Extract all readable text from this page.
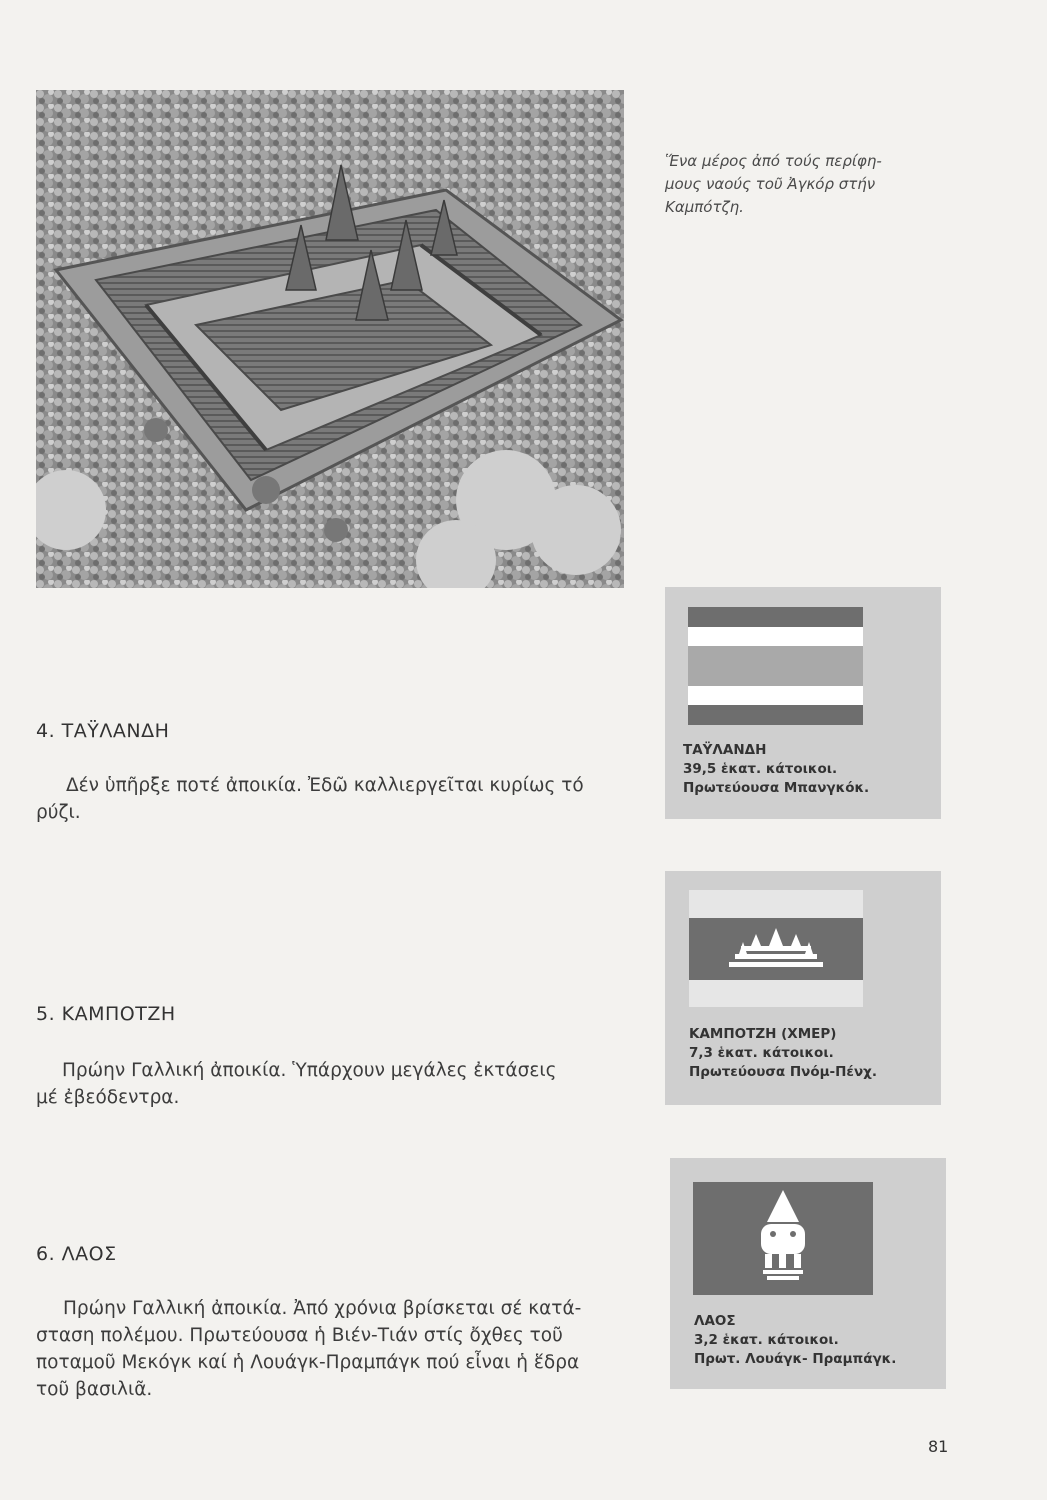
Ἕνα μέρος ἀπό τούς περίφη-
μους ναούς τοῦ Ἀγκόρ στήν
Καμπότζη.
4. ΤΑΫΛΑΝΔΗ
Δέν ὑπῆρξε ποτέ ἀποικία. Ἐδῶ καλλιεργεῖται κυρίως τό
ρύζι.
5. ΚΑΜΠΟΤΖΗ
Πρώην Γαλλική ἀποικία. Ὑπάρχουν μεγάλες ἐκτάσεις
μέ ἐβεόδεντρα.
6. ΛΑΟΣ
Πρώην Γαλλική ἀποικία. Ἀπό χρόνια βρίσκεται σέ κατά-
σταση πολέμου. Πρωτεύουσα ἡ Βιέν-Τιάν στίς ὄχθες τοῦ
ποταμοῦ Μεκόγκ καί ἡ Λουάγκ-Πραμπάγκ πού εἶναι ἡ ἕδρα
τοῦ βασιλιᾶ.
ΤΑΫΛΑΝΔΗ
39,5 ἑκατ. κάτοικοι.
Πρωτεύουσα Μπανγκόκ.
ΚΑΜΠΟΤΖΗ (ΧΜΕΡ)
7,3 ἑκατ. κάτοικοι.
Πρωτεύουσα Πνόμ-Πένχ.
ΛΑΟΣ
3,2 ἑκατ. κάτοικοι.
Πρωτ. Λουάγκ- Πραμπάγκ.
81
